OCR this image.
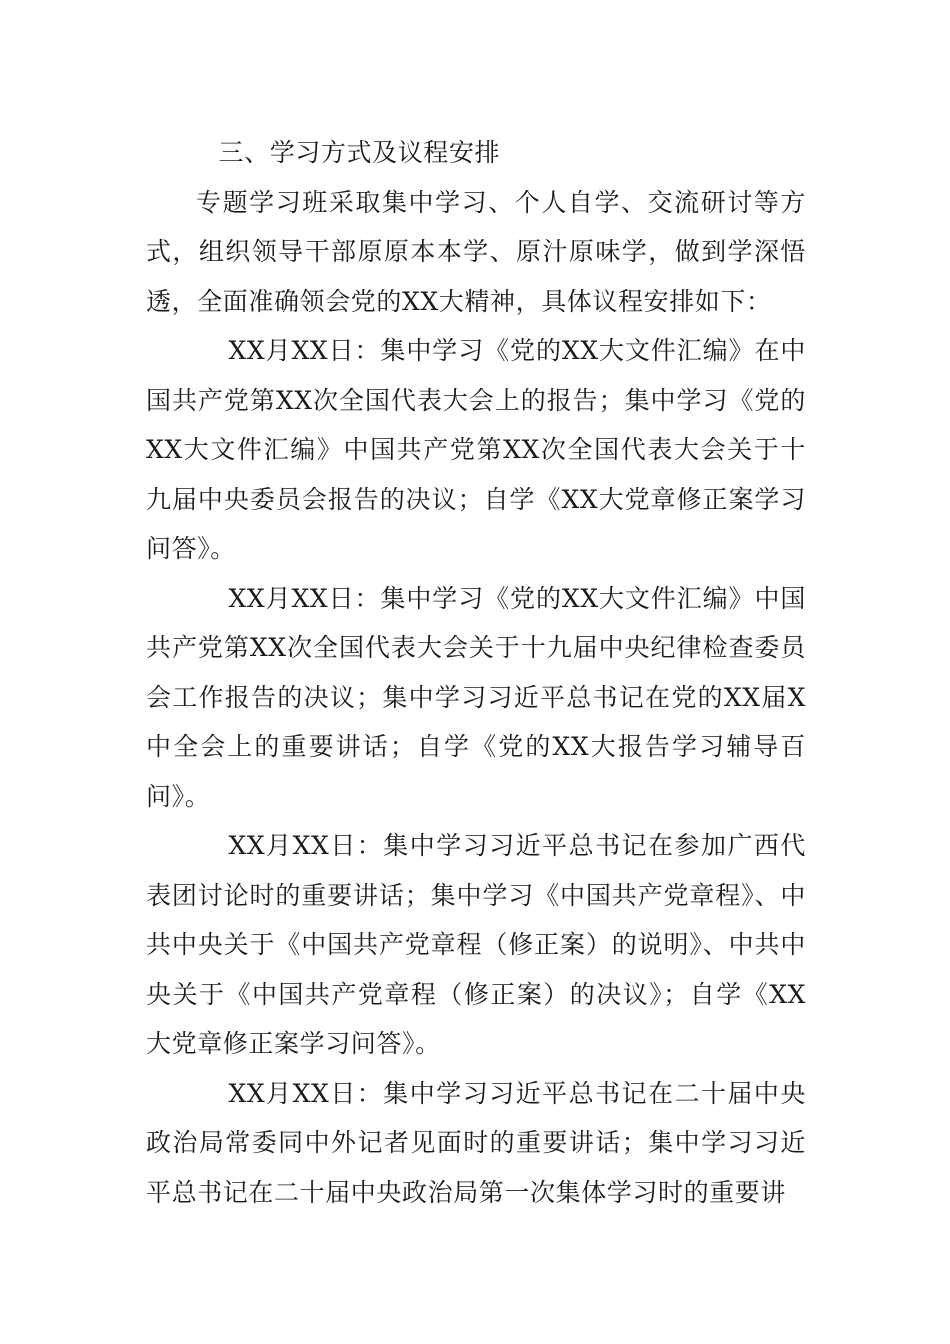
三、学习方式及议程安排

专题学习班采取集中学习、个人自学、交流研讨等方式，组织领导干部原原本本学、原汁原味学，做到学深悟透，全面准确领会党的XX大精神，具体议程安排如下：

XX月XX日：集中学习《党的XX大文件汇编》在中国共产党第XX次全国代表大会上的报告；集中学习《党的XX大文件汇编》中国共产党第XX次全国代表大会关于十九届中央委员会报告的决议；自学《XX大党章修正案学习问答》。

XX月XX日：集中学习《党的XX大文件汇编》中国共产党第XX次全国代表大会关于十九届中央纪律检查委员会工作报告的决议；集中学习习近平总书记在党的XX届X中全会上的重要讲话；自学《党的XX大报告学习辅导百问》。

XX月XX日：集中学习习近平总书记在参加广西代表团讨论时的重要讲话；集中学习《中国共产党章程》、中共中央关于《中国共产党章程（修正案）的说明》、中共中央关于《中国共产党章程（修正案）的决议》；自学《XX大党章修正案学习问答》。

XX月XX日：集中学习习近平总书记在二十届中央政治局常委同中外记者见面时的重要讲话；集中学习习近平总书记在二十届中央政治局第一次集体学习时的重要讲
